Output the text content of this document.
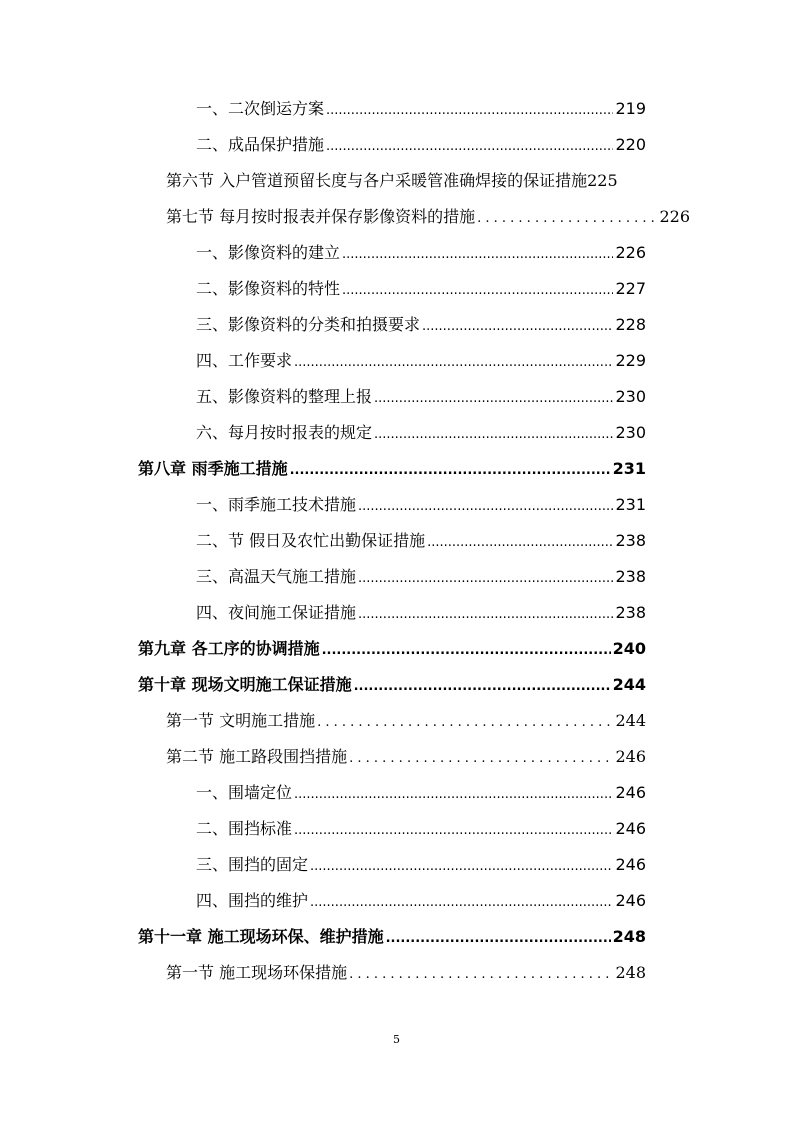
一、二次倒运方案 .....	219
二、成品保护措施 .....	220
第六节 入户管道预留长度与各户采暖管准确焊接的保证措施 225
第七节 每月按时报表并保存影像资料的措施 . . .	226
一、影像资料的建立 .....	226
二、影像资料的特性 .....	227
三、影像资料的分类和拍摄要求 .....	228
四、工作要求 .....	229
五、影像资料的整理上报 .....	230
六、每月按时报表的规定 .....	230
第八章 雨季施工措施 .....	231
一、雨季施工技术措施 .....	231
二、节 假日及农忙出勤保证措施 .....	238
三、高温天气施工措施 .....	238
四、夜间施工保证措施 .....	238
第九章 各工序的协调措施 .....	240
第十章 现场文明施工保证措施 .....	244
第一节 文明施工措施 . . .	244
第二节 施工路段围挡措施 . . .	246
一、围墙定位 .....	246
二、围挡标准 .....	246
三、围挡的固定 .....	246
四、围挡的维护 .....	246
第十一章 施工现场环保、维护措施 .....	248
第一节 施工现场环保措施 . . .	248
5
